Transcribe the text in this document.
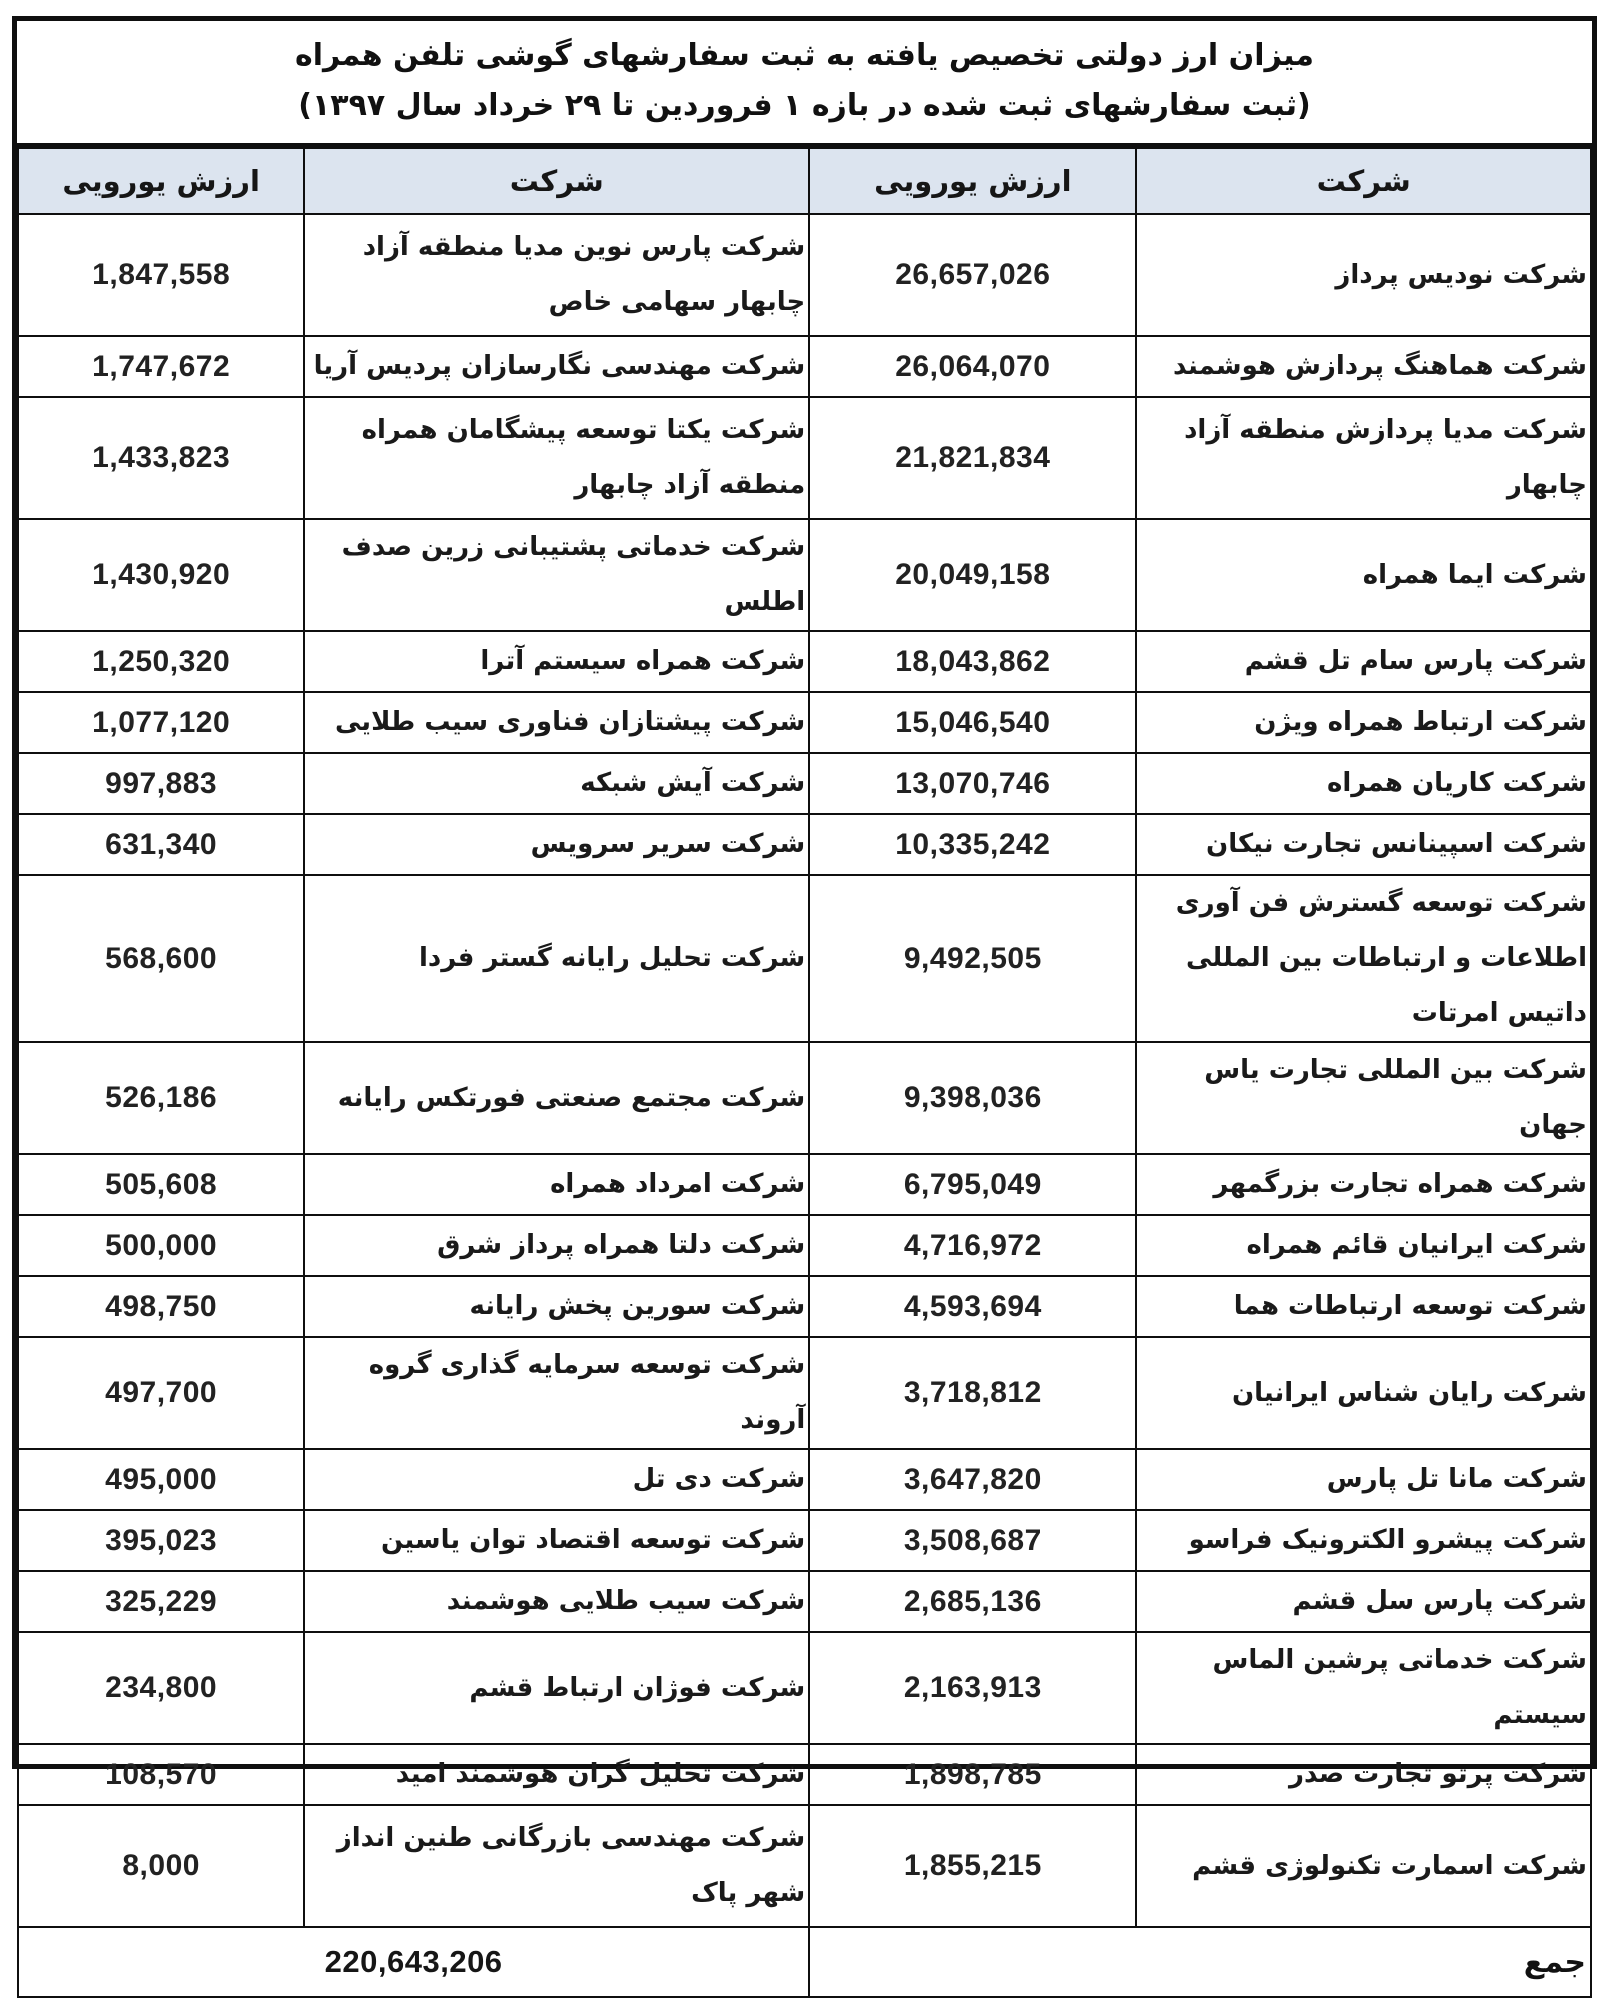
میزان ارز دولتی تخصیص یافته به ثبت سفارشهای گوشی تلفن همراه
(ثبت سفارشهای ثبت شده در بازه ۱ فروردین تا ۲۹ خرداد سال ۱۳۹۷)
شرکت	ارزش یورویی	شرکت	ارزش یورویی
شرکت نودیس پرداز	26,657,026	شرکت پارس نوین مدیا منطقه آزاد چابهار سهامی خاص	1,847,558
شرکت هماهنگ پردازش هوشمند	26,064,070	شرکت مهندسی نگارسازان پردیس آریا	1,747,672
شرکت مدیا پردازش منطقه آزاد چابهار	21,821,834	شرکت یکتا توسعه پیشگامان همراه منطقه آزاد چابهار	1,433,823
شرکت ایما همراه	20,049,158	شرکت خدماتی پشتیبانی زرین صدف اطلس	1,430,920
شرکت پارس سام تل قشم	18,043,862	شرکت همراه سیستم آترا	1,250,320
شرکت ارتباط همراه ویژن	15,046,540	شرکت پیشتازان فناوری سیب طلایی	1,077,120
شرکت کاریان همراه	13,070,746	شرکت آیش شبکه	997,883
شرکت اسپینانس تجارت نیکان	10,335,242	شرکت سریر سرویس	631,340
شرکت توسعه گسترش فن آوری اطلاعات و ارتباطات بین المللی داتیس امرتات	9,492,505	شرکت تحلیل رایانه گستر فردا	568,600
شرکت بین المللی تجارت یاس جهان	9,398,036	شرکت مجتمع صنعتی فورتکس رایانه	526,186
شرکت همراه تجارت بزرگمهر	6,795,049	شرکت امرداد همراه	505,608
شرکت ایرانیان قائم همراه	4,716,972	شرکت دلتا همراه پرداز شرق	500,000
شرکت توسعه ارتباطات هما	4,593,694	شرکت سورین پخش رایانه	498,750
شرکت رایان شناس ایرانیان	3,718,812	شرکت توسعه سرمایه گذاری گروه آروند	497,700
شرکت مانا تل پارس	3,647,820	شرکت دی تل	495,000
شرکت پیشرو الکترونیک فراسو	3,508,687	شرکت توسعه اقتصاد توان یاسین	395,023
شرکت پارس سل قشم	2,685,136	شرکت سیب طلایی هوشمند	325,229
شرکت خدماتی پرشین الماس سیستم	2,163,913	شرکت فوژان ارتباط قشم	234,800
شرکت پرتو تجارت صدر	1,898,785	شرکت تحلیل گران هوشمند امید	108,570
شرکت اسمارت تکنولوژی قشم	1,855,215	شرکت مهندسی بازرگانی طنین انداز شهر پاک	8,000
جمع		220,643,206	
